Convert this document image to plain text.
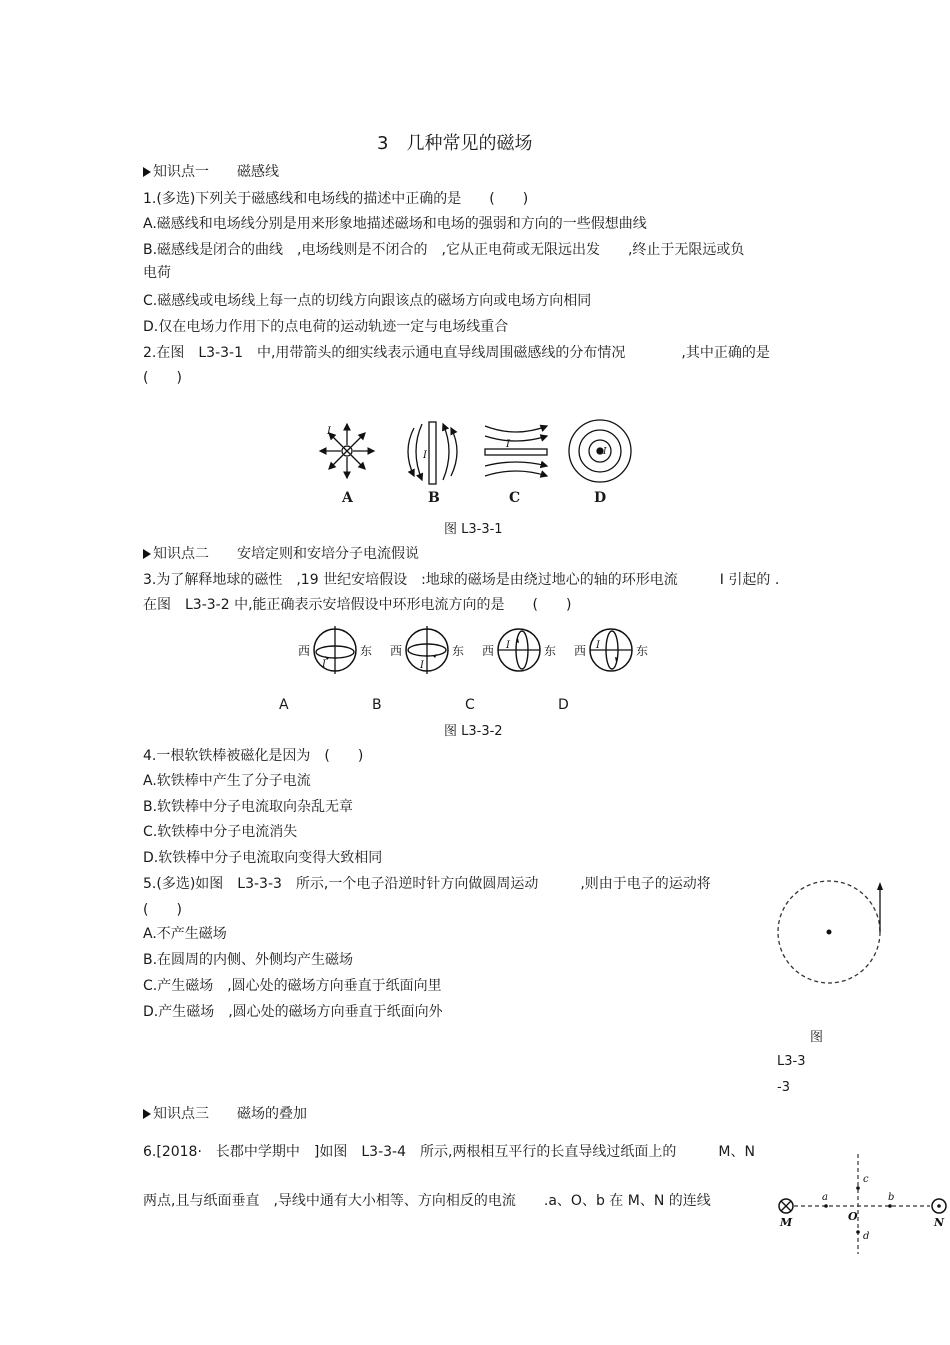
3　几种常见的磁场
知识点一　　磁感线
1.(多选)下列关于磁感线和电场线的描述中正确的是　　(　　)
A.磁感线和电场线分别是用来形象地描述磁场和电场的强弱和方向的一些假想曲线
B.磁感线是闭合的曲线　,电场线则是不闭合的　,它从正电荷或无限远出发　　,终止于无限远或负
电荷
C.磁感线或电场线上每一点的切线方向跟该点的磁场方向或电场方向相同
D.仅在电场力作用下的点电荷的运动轨迹一定与电场线重合
2.在图　L3-3-1　中,用带箭头的细实线表示通电直导线周围磁感线的分布情况　　　　,其中正确的是
(　　)
I
I
I
I
A	B	C	D
图 L3-3-1
知识点二　　安培定则和安培分子电流假说
3.为了解释地球的磁性　,19 世纪安培假设　:地球的磁场是由绕过地心的轴的环形电流　　　I 引起的 .
在图　L3-3-2 中,能正确表示安培假设中环形电流方向的是　　(　　)
西
I
东 西
I
东 西 I	东 西 I	东
A	B	C	D
图 L3-3-2
4.一根软铁棒被磁化是因为　(　　)
A.软铁棒中产生了分子电流
B.软铁棒中分子电流取向杂乱无章
C.软铁棒中分子电流消失
D.软铁棒中分子电流取向变得大致相同
5.(多选)如图　L3-3-3　所示,一个电子沿逆时针方向做圆周运动　　　,则由于电子的运动将
(　　)
A.不产生磁场
B.在圆周的内侧、外侧均产生磁场
C.产生磁场　,圆心处的磁场方向垂直于纸面向里
D.产生磁场　,圆心处的磁场方向垂直于纸面向外
图
L3-3
-3
知识点三　　磁场的叠加
6.[2018·　长郡中学期中　]如图　L3-3-4　所示,两根相互平行的长直导线过纸面上的　　　M、N
两点,且与纸面垂直　,导线中通有大小相等、方向相反的电流　　.a、O、b 在 M、N 的连线
M	N
O
a	b
c
d
